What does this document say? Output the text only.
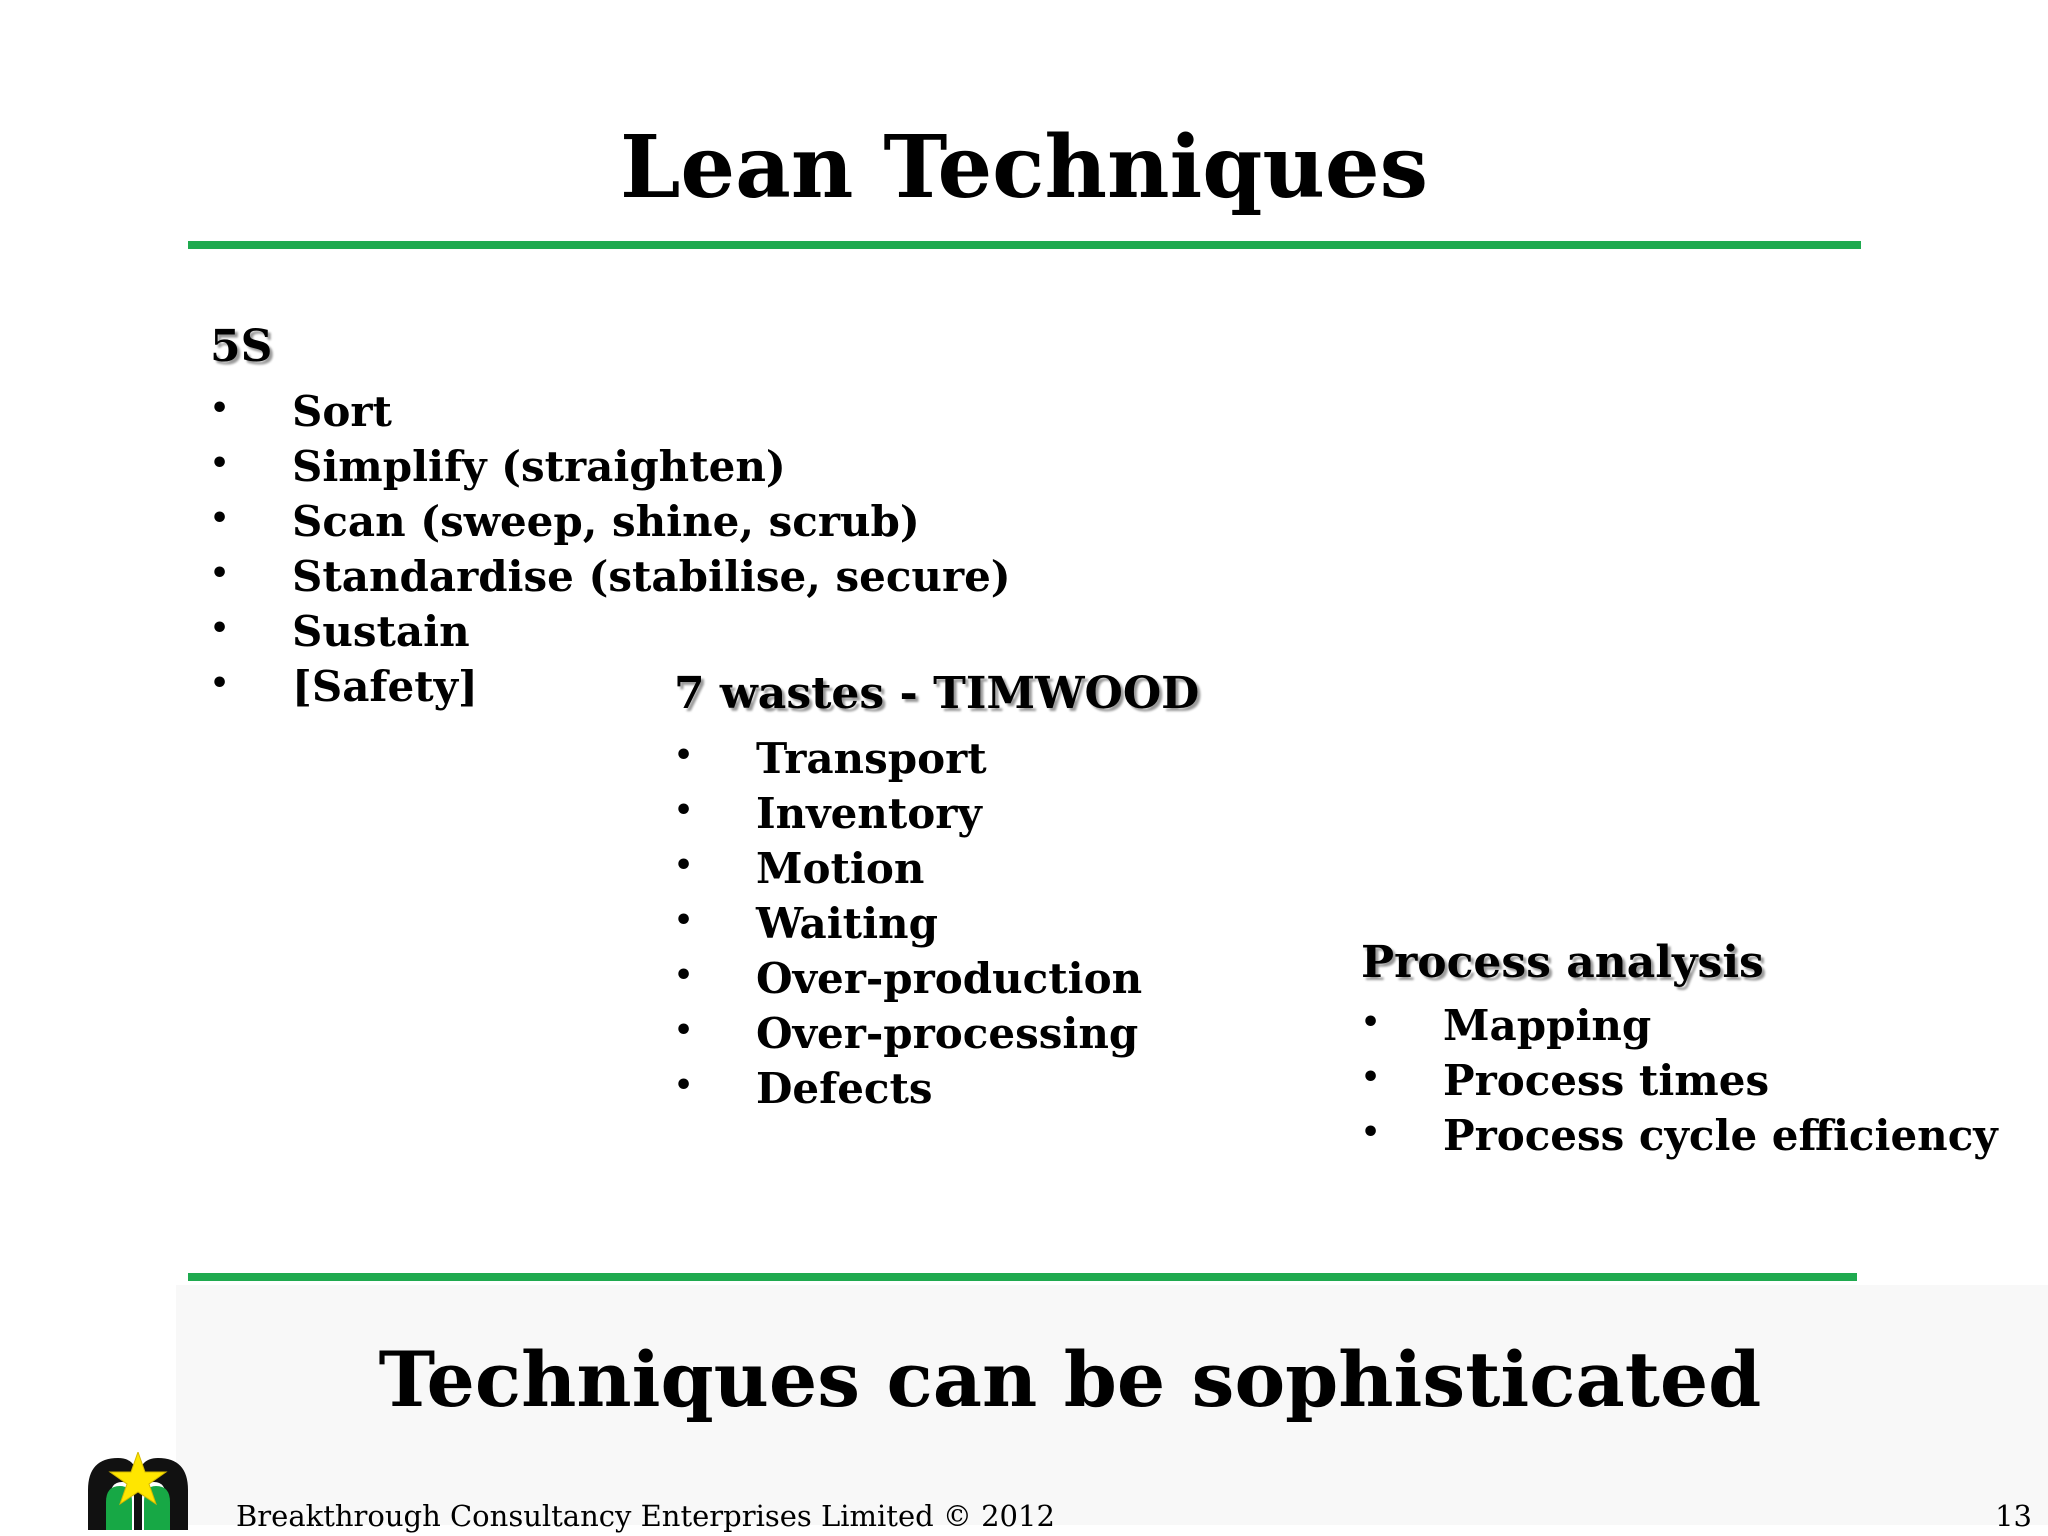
Lean Techniques
5S
• Sort
• Simplify (straighten)
• Scan (sweep, shine, scrub)
• Standardise (stabilise, secure)
• Sustain
• [Safety]	7 wastes - TIMWOOD
• Transport
• Inventory
• Motion
• Waiting
• Over-production
• Over-processing
• Defects
Process analysis
• Mapping
• Process times
• Process cycle efficiency
Techniques can be sophisticated
Breakthrough Consultancy Enterprises Limited © 2012	13
